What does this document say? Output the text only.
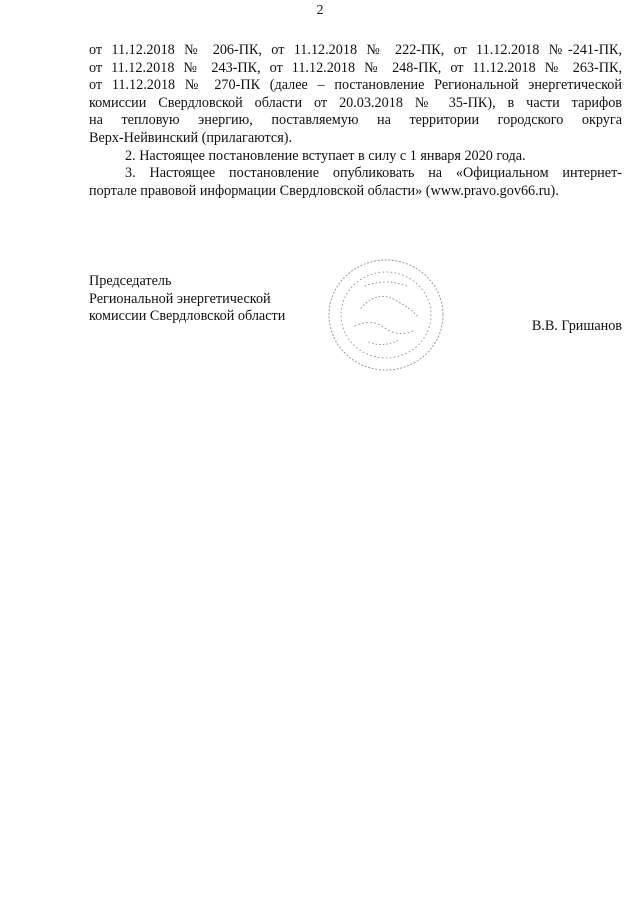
2

от 11.12.2018 № 206-ПК, от 11.12.2018 № 222-ПК, от 11.12.2018 №-241-ПК,
от 11.12.2018 № 243-ПК, от 11.12.2018 № 248-ПК, от 11.12.2018 № 263-ПК,
от 11.12.2018 № 270-ПК (далее – постановление Региональной энергетической
комиссии Свердловской области от 20.03.2018 № 35-ПК), в части тарифов
на тепловую энергию, поставляемую на территории городского округа
Верх-Нейвинский (прилагаются).

2. Настоящее постановление вступает в силу с 1 января 2020 года.

3. Настоящее постановление опубликовать на «Официальном интернет-
портале правовой информации Свердловской области» (www.pravo.gov66.ru).

Председатель
Региональной энергетической
комиссии Свердловской области
В.В. Гришанов
